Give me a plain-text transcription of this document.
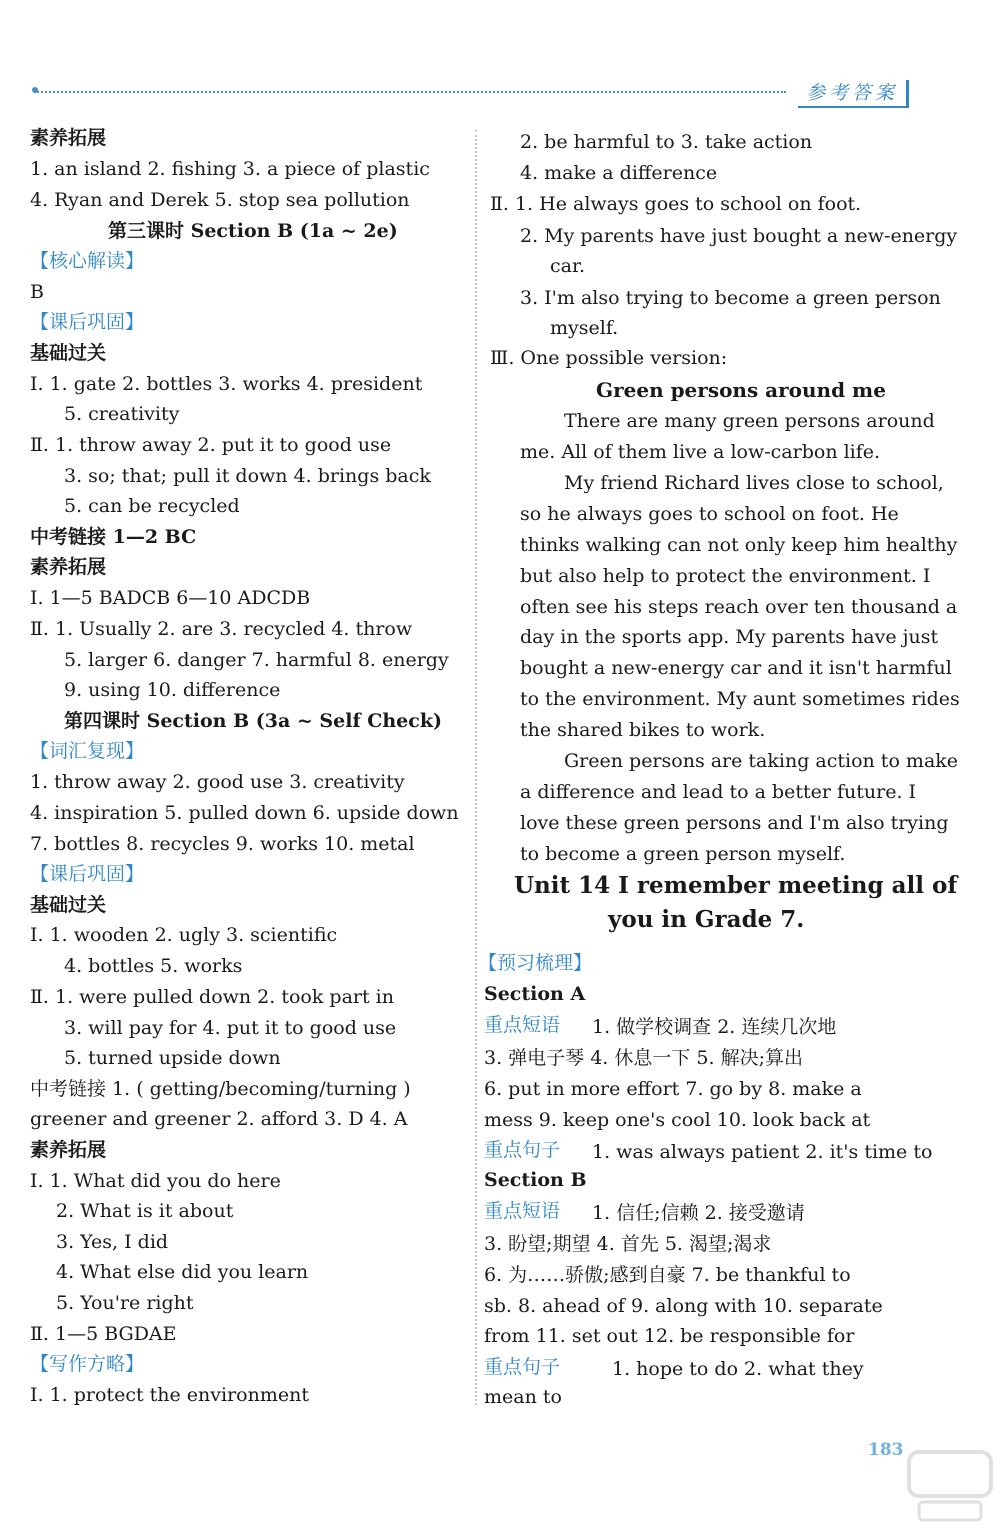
参考答案
素养拓展
1. an island 2. fishing 3. a piece of plastic
4. Ryan and Derek 5. stop sea pollution
第三课时 Section B (1a ~ 2e)
【核心解读】
B
【课后巩固】
基础过关
Ⅰ. 1. gate 2. bottles 3. works 4. president
5. creativity
Ⅱ. 1. throw away 2. put it to good use
3. so; that; pull it down 4. brings back
5. can be recycled
中考链接 1—2 BC
素养拓展
Ⅰ. 1—5 BADCB 6—10 ADCDB
Ⅱ. 1. Usually 2. are 3. recycled 4. throw
5. larger 6. danger 7. harmful 8. energy
9. using 10. difference
第四课时 Section B (3a ~ Self Check)
【词汇复现】
1. throw away 2. good use 3. creativity
4. inspiration 5. pulled down 6. upside down
7. bottles 8. recycles 9. works 10. metal
【课后巩固】
基础过关
Ⅰ. 1. wooden 2. ugly 3. scientific
4. bottles 5. works
Ⅱ. 1. were pulled down 2. took part in
3. will pay for 4. put it to good use
5. turned upside down
中考链接 1. ( getting/becoming/turning )
greener and greener 2. afford 3. D 4. A
素养拓展
Ⅰ. 1. What did you do here
2. What is it about
3. Yes, I did
4. What else did you learn
5. You're right
Ⅱ. 1—5 BGDAE
【写作方略】
Ⅰ. 1. protect the environment
2. be harmful to 3. take action
4. make a difference
Ⅱ. 1. He always goes to school on foot.
2. My parents have just bought a new-energy
car.
3. I'm also trying to become a green person
myself.
Ⅲ. One possible version:
Green persons around me
There are many green persons around
me. All of them live a low-carbon life.
My friend Richard lives close to school,
so he always goes to school on foot. He
thinks walking can not only keep him healthy
but also help to protect the environment. I
often see his steps reach over ten thousand a
day in the sports app. My parents have just
bought a new-energy car and it isn't harmful
to the environment. My aunt sometimes rides
the shared bikes to work.
Green persons are taking action to make
a difference and lead to a better future. I
love these green persons and I'm also trying
to become a green person myself.
Unit 14 I remember meeting all of
you in Grade 7.
【预习梳理】
Section A
重点短语 1. 做学校调查 2. 连续几次地
3. 弹电子琴 4. 休息一下 5. 解决;算出
6. put in more effort 7. go by 8. make a
mess 9. keep one's cool 10. look back at
重点句子 1. was always patient 2. it's time to
Section B
重点短语 1. 信任;信赖 2. 接受邀请
3. 盼望;期望 4. 首先 5. 渴望;渴求
6. 为……骄傲;感到自豪 7. be thankful to
sb. 8. ahead of 9. along with 10. separate
from 11. set out 12. be responsible for
重点句子	1. hope to do 2. what they
mean to
183
